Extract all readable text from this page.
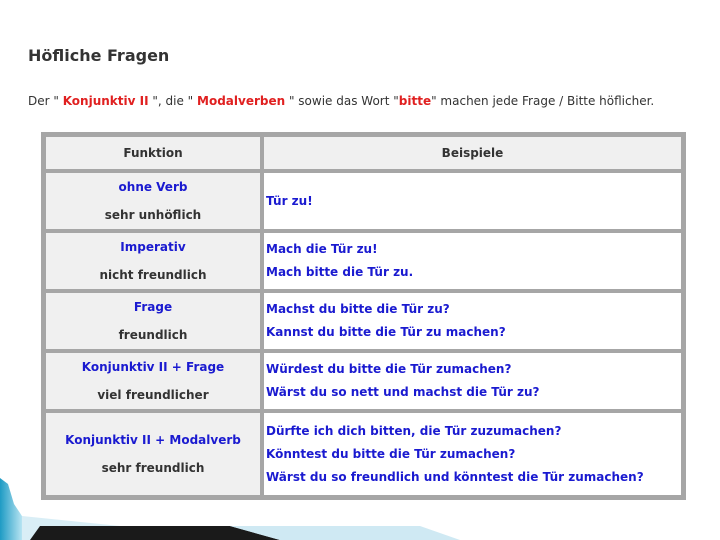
Höfliche Fragen
Der " Konjunktiv II ", die " Modalverben " sowie das Wort "bitte" machen jede Frage / Bitte höflicher.
Funktion	Beispiele

ohne Verb
sehr unhöflich	Tür zu!

Imperativ
nicht freundlich	Mach die Tür zu!
Mach bitte die Tür zu.

Frage
freundlich	Machst du bitte die Tür zu?
Kannst du bitte die Tür zu machen?

Konjunktiv II + Frage
viel freundlicher	Würdest du bitte die Tür zumachen?
Wärst du so nett und machst die Tür zu?

Konjunktiv II + Modalverb
sehr freundlich	Dürfte ich dich bitten, die Tür zuzumachen?
Könntest du bitte die Tür zumachen?
Wärst du so freundlich und könntest die Tür zumachen?
